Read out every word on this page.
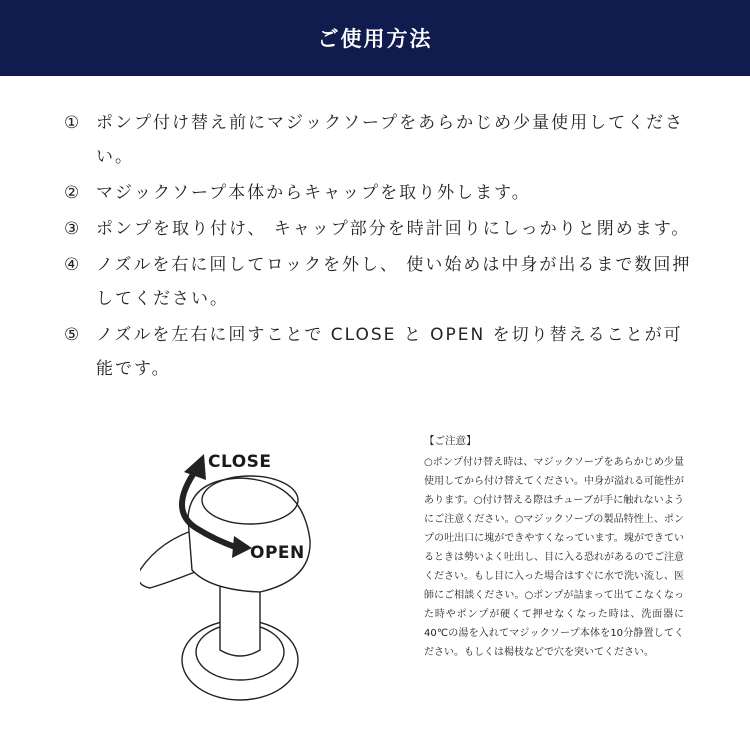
ご使用方法
① ポンプ付け替え前にマジックソープをあらかじめ少量使用してください。
② マジックソープ本体からキャップを取り外します。
③ ポンプを取り付け、 キャップ部分を時計回りにしっかりと閉めます。
④ ノズルを右に回してロックを外し、 使い始めは中身が出るまで数回押してください。
⑤ ノズルを左右に回すことで CLOSE と OPEN を切り替えることが可能です。
CLOSE
OPEN
【ご注意】
○ポンプ付け替え時は、マジックソープをあらかじめ少量使用してから付け替えてください。中身が溢れる可能性があります。○付け替える際はチューブが手に触れないようにご注意ください。○マジックソープの製品特性上、ポンプの吐出口に塊ができやすくなっています。塊ができているときは勢いよく吐出し、目に入る恐れがあるのでご注意ください。もし目に入った場合はすぐに水で洗い流し、医師にご相談ください。○ポンプが詰まって出てこなくなった時やポンプが硬くて押せなくなった時は、洗面器に40℃の湯を入れてマジックソープ本体を10分静置してください。もしくは楊枝などで穴を突いてください。
